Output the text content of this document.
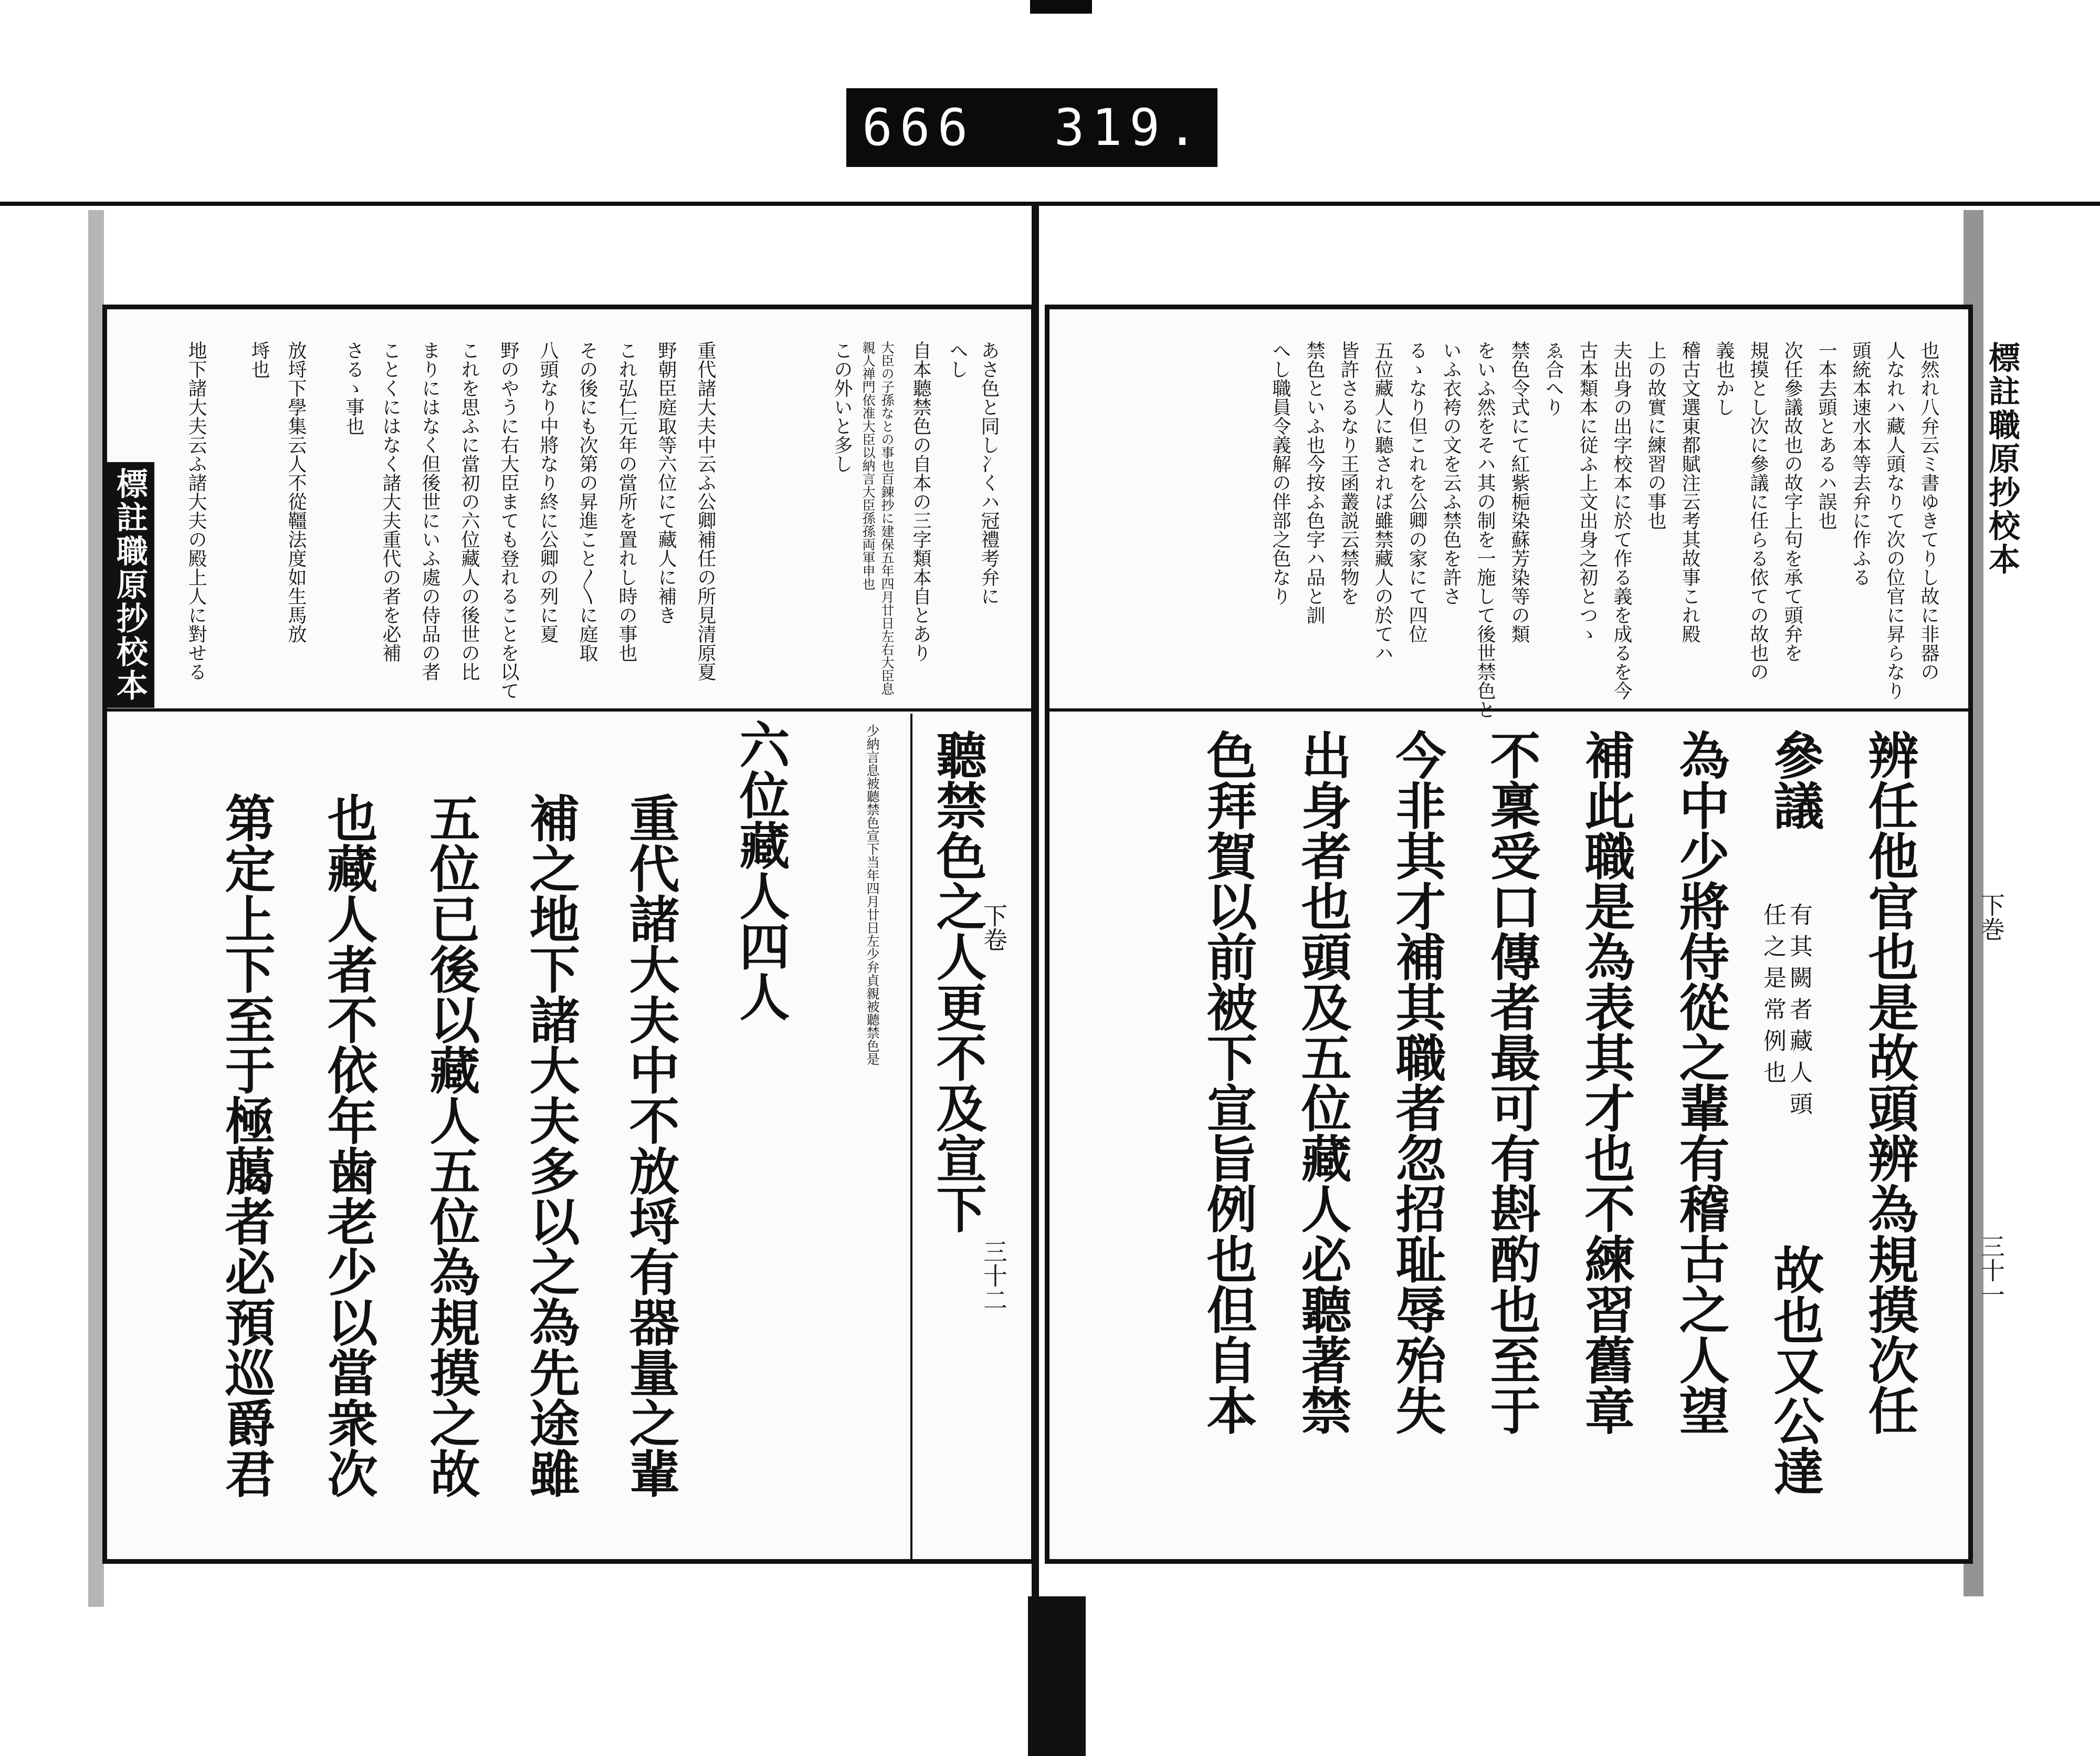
666 319.
あさ色と同し冫くハ冠禮考弁に
へし
自本聽禁色の自本の三字類本自とあり
大臣の子孫なとの事也百錬抄に建保五年四月廿日左右大臣息
親人禅門依准大臣以納言大臣孫孫両軍申也
この外いと多し
重代諸大夫中云ふ公卿補任の所見清原夏
野朝臣庭取等六位にて藏人に補き
これ弘仁元年の當所を置れし時の事也
その後にも次第の昇進こと〳〵に庭取
八頭なり中將なり終に公卿の列に夏
野のやうに右大臣まても登れることを以て
これを思ふに當初の六位藏人の後世の比
まりにはなく但後世にいふ處の侍品の者
ことくにはなく諸大夫重代の者を必補
さるゝ事也
放埒下學集云人不從韁法度如生馬放
埓也
地下諸大夫云ふ諸大夫の殿上人に對せる
少納言息被聽禁色宣下当年四月廿日左少弁貞親被聽禁色是 聽禁色之人更不及宣下
六位藏人四人
重代諸大夫中不放埒有器量之輩
補之地下諸大夫多以之為先途雖
五位已後以藏人五位為規摸之故
也藏人者不依年歯老少以當衆次
第定上下至于極﨟者必預巡爵君
標註職原抄校本
下卷
三十二
也然れ八弁云ミ書ゆきてりし故に非器の
人なれハ藏人頭なりて次の位官に昇らなり
頭統本速水本等去弁に作ふる
一本去頭とあるハ誤也
次任參議故也の故字上句を承て頭弁を
規摸とし次に參議に任らる依ての故也の
義也かし
稽古文選東都賦注云考其故事これ殿
上の故實に練習の事也
夫出身の出字校本に於て作る義を成るを今
古本類本に従ふ上文出身之初とつゝ
ゑ合へり
禁色令式にて紅紫梔染蘇芳染等の類
をいふ然をそハ其の制を一施して後世禁色と
いふ衣袴の文を云ふ禁色を許さ
るゝなり但これを公卿の家にて四位
五位藏人に聽されば雖禁藏人の於てハ
皆許さるなり王函叢説云禁物を
禁色といふ也今按ふ色字ハ品と訓
へし職員令義解の伴部之色なり
辨任他官也是故頭辨為規摸次任
參議
有其闕者藏人頭
任之是常例也
故也又公達
為中少將侍從之輩有稽古之人望
補此職是為表其才也不練習舊章
不稟受口傳者最可有斟酌也至于
今非其才補其職者忽招耻辱殆失
出身者也頭及五位藏人必聽著禁
色拜賀以前被下宣旨例也但自本
標註職原抄校本
下巻
三十一
